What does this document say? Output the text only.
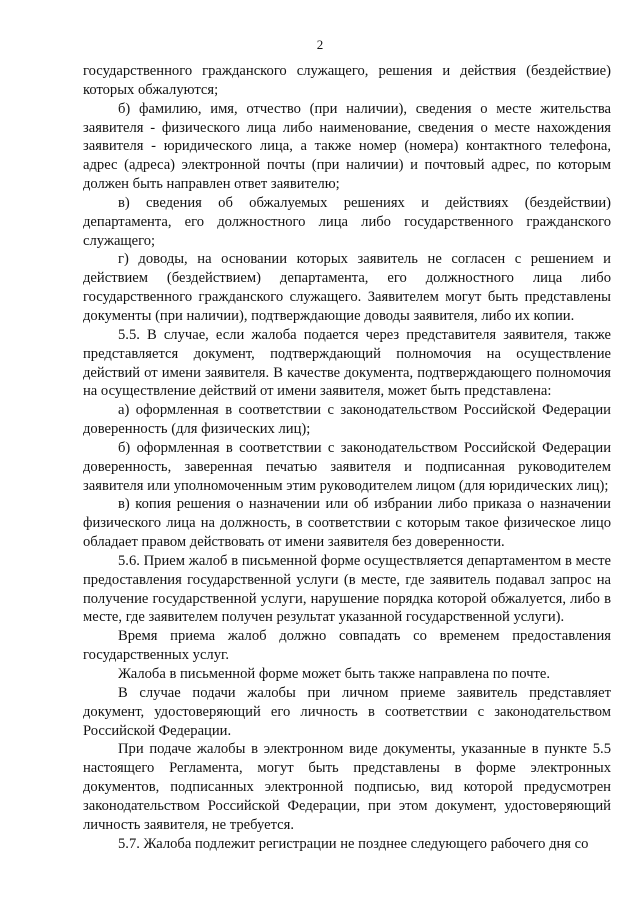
2

государственного гражданского служащего, решения и действия (бездействие) которых обжалуются;

б) фамилию, имя, отчество (при наличии), сведения о месте жительства заявителя - физического лица либо наименование, сведения о месте нахождения заявителя - юридического лица, а также номер (номера) контактного телефона, адрес (адреса) электронной почты (при наличии) и почтовый адрес, по которым должен быть направлен ответ заявителю;

в) сведения об обжалуемых решениях и действиях (бездействии) департамента, его должностного лица либо государственного гражданского служащего;

г) доводы, на основании которых заявитель не согласен с решением и действием (бездействием) департамента, его должностного лица либо государственного гражданского служащего. Заявителем могут быть представлены документы (при наличии), подтверждающие доводы заявителя, либо их копии.

5.5. В случае, если жалоба подается через представителя заявителя, также представляется документ, подтверждающий полномочия на осуществление действий от имени заявителя. В качестве документа, подтверждающего полномочия на осуществление действий от имени заявителя, может быть представлена:

а) оформленная в соответствии с законодательством Российской Федерации доверенность (для физических лиц);

б) оформленная в соответствии с законодательством Российской Федерации доверенность, заверенная печатью заявителя и подписанная руководителем заявителя или уполномоченным этим руководителем лицом (для юридических лиц);

в) копия решения о назначении или об избрании либо приказа о назначении физического лица на должность, в соответствии с которым такое физическое лицо обладает правом действовать от имени заявителя без доверенности.

5.6. Прием жалоб в письменной форме осуществляется департаментом в месте предоставления государственной услуги (в месте, где заявитель подавал запрос на получение государственной услуги, нарушение порядка которой обжалуется, либо в месте, где заявителем получен результат указанной государственной услуги).

Время приема жалоб должно совпадать со временем предоставления государственных услуг.

Жалоба в письменной форме может быть также направлена по почте.

В случае подачи жалобы при личном приеме заявитель представляет документ, удостоверяющий его личность в соответствии с законодательством Российской Федерации.

При подаче жалобы в электронном виде документы, указанные в пункте 5.5 настоящего Регламента, могут быть представлены в форме электронных документов, подписанных электронной подписью, вид которой предусмотрен законодательством Российской Федерации, при этом документ, удостоверяющий личность заявителя, не требуется.

5.7. Жалоба подлежит регистрации не позднее следующего рабочего дня со
